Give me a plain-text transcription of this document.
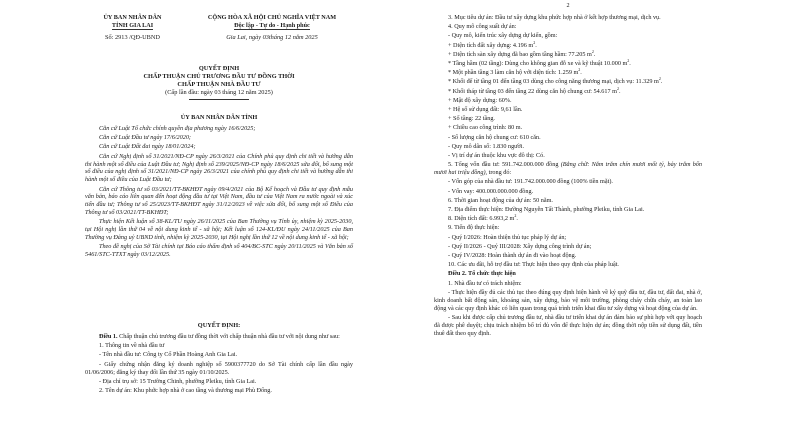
ỦY BAN NHÂN DÂN
TỈNH GIA LAI
Số: 2913 /QĐ-UBND
CỘNG HÒA XÃ HỘI CHỦ NGHĨA VIỆT NAM
Độc lập - Tự do - Hạnh phúc
Gia Lai, ngày 03tháng 12 năm 2025
QUYẾT ĐỊNH
CHẤP THUẬN CHỦ TRƯƠNG ĐẦU TƯ ĐỒNG THỜI
CHẤP THUẬN NHÀ ĐẦU TƯ
(Cấp lần đầu: ngày 03 tháng 12 năm 2025)
ỦY BAN NHÂN DÂN TỈNH

Căn cứ Luật Tổ chức chính quyền địa phương ngày 16/6/2025;

Căn cứ Luật Đầu tư ngày 17/6/2020;

Căn cứ Luật Đất đai ngày 18/01/2024;

Căn cứ Nghị định số 31/2021/NĐ-CP ngày 26/3/2021 của Chính phủ quy định chi tiết và hướng dẫn thi hành một số điều của Luật Đầu tư; Nghị định số 239/2025/NĐ-CP ngày 18/6/2025 sửa đổi, bổ sung một số điều của nghị định số 31/2021/NĐ-CP ngày 26/3/2021 của chính phủ quy định chi tiết và hướng dẫn thi hành một số điều của Luật Đầu tư;

Căn cứ Thông tư số 03/2021/TT-BKHĐT ngày 09/4/2021 của Bộ Kế hoạch và Đầu tư quy định mẫu văn bản, báo cáo liên quan đến hoạt động đầu tư tại Việt Nam, đầu tư của Việt Nam ra nước ngoài và xúc tiến đầu tư; Thông tư số 25/2023/TT-BKHĐT ngày 31/12/2023 về việc sửa đổi, bổ sung một số Điều của Thông tư số 03/2021/TT-BKHĐT;

Thực hiện Kết luận số 38-KL/TU ngày 26/11/2025 của Ban Thường vụ Tỉnh ủy, nhiệm kỳ 2025-2030, tại Hội nghị lần thứ 04 về nội dung kinh tế - xã hội; Kết luận số 124-KL/ĐU ngày 24/11/2025 của Ban Thường vụ Đảng uỷ UBND tỉnh, nhiệm kỳ 2025-2030, tại Hội nghị lần thứ 12 về nội dung kinh tế - xã hội;

Theo đề nghị của Sở Tài chính tại Báo cáo thẩm định số 404/BC-STC ngày 20/11/2025 và Văn bản số 5461/STC-TTXT ngày 03/12/2025.

QUYẾT ĐỊNH:

Điều 1. Chấp thuận chủ trương đầu tư đồng thời với chấp thuận nhà đầu tư với nội dung như sau:

1. Thông tin về nhà đầu tư

- Tên nhà đầu tư: Công ty Cổ Phần Hoàng Anh Gia Lai.

- Giấy chứng nhận đăng ký doanh nghiệp số 5900377720 do Sở Tài chính cấp lần đầu ngày 01/06/2006; đăng ký thay đổi lần thứ 35 ngày 01/10/2025.

- Địa chỉ trụ sở: 15 Trường Chinh, phường Pleiku, tỉnh Gia Lai.

2. Tên dự án: Khu phức hợp nhà ở cao tầng và thương mại Phù Đổng.

2

3. Mục tiêu dự án: Đầu tư xây dựng khu phức hợp nhà ở kết hợp thương mại, dịch vụ.

4. Quy mô công suất dự án:

- Quy mô, kiến trúc xây dựng dự kiến, gồm:

+ Diện tích đất xây dựng: 4.196 $m^2$.

+ Diện tích sàn xây dựng đã bao gồm tầng hầm: 77.205 $m^2$.

* Tầng hầm (02 tầng): Dùng cho không gian đỗ xe và kỹ thuật 10.000 $m^2$.

* Một phần tầng 3 làm căn hộ với diện tích: 1.259 $m^2$.

* Khối đế từ tầng 01 đến tầng 03 dùng cho công năng thương mại, dịch vụ: 11.329 $m^2$.

* Khối tháp từ tầng 03 đến tầng 22 dùng căn hộ chung cư: 54.617 $m^2$.

+ Mật độ xây dựng: 60%.

+ Hệ số sử dụng đất: 9,61 lần.

+ Số tầng: 22 tầng.

+ Chiều cao công trình: 80 m.

- Số lượng căn hộ chung cư: 610 căn.

- Quy mô dân số: 1.830 người.

- Vị trí dự án thuộc khu vực đô thị: Có.

5. Tổng vốn đầu tư: 591.742.000.000 đồng (Bằng chữ: Năm trăm chín mươi mốt tỷ, bảy trăm bốn mươi hai triệu đồng), trong đó:

- Vốn góp của nhà đầu tư: 191.742.000.000 đồng (100% tiền mặt).

- Vốn vay: 400.000.000.000 đồng.

6. Thời gian hoạt động của dự án: 50 năm.

7. Địa điểm thực hiện: Đường Nguyễn Tất Thành, phường Pleiku, tỉnh Gia Lai.

8. Diện tích đất: 6.993,2 $m^2$.

9. Tiến độ thực hiện:

- Quý I/2026: Hoàn thiện thủ tục pháp lý dự án;

- Quý II/2026 - Quý III/2028: Xây dựng công trình dự án;

- Quý IV/2028: Hoàn thành dự án đi vào hoạt động.

10. Các ưu đãi, hỗ trợ đầu tư: Thực hiện theo quy định của pháp luật.

Điều 2. Tổ chức thực hiện

1. Nhà đầu tư có trách nhiệm:

- Thực hiện đầy đủ các thủ tục theo đúng quy định hiện hành về ký quỹ đầu tư, đầu tư, đất đai, nhà ở, kinh doanh bất động sản, khoáng sản, xây dựng, bảo vệ môi trường, phòng cháy chữa cháy, an toàn lao động và các quy định khác có liên quan trong quá trình triển khai đầu tư xây dựng và hoạt động của dự án.

- Sau khi được cấp chủ trương đầu tư, nhà đầu tư triển khai dự án đảm bảo sự phù hợp với quy hoạch đã được phê duyệt; chịu trách nhiệm bố trí đủ vốn để thực hiện dự án; đồng thời nộp tiền sử dụng đất, tiền thuê đất theo quy định.
